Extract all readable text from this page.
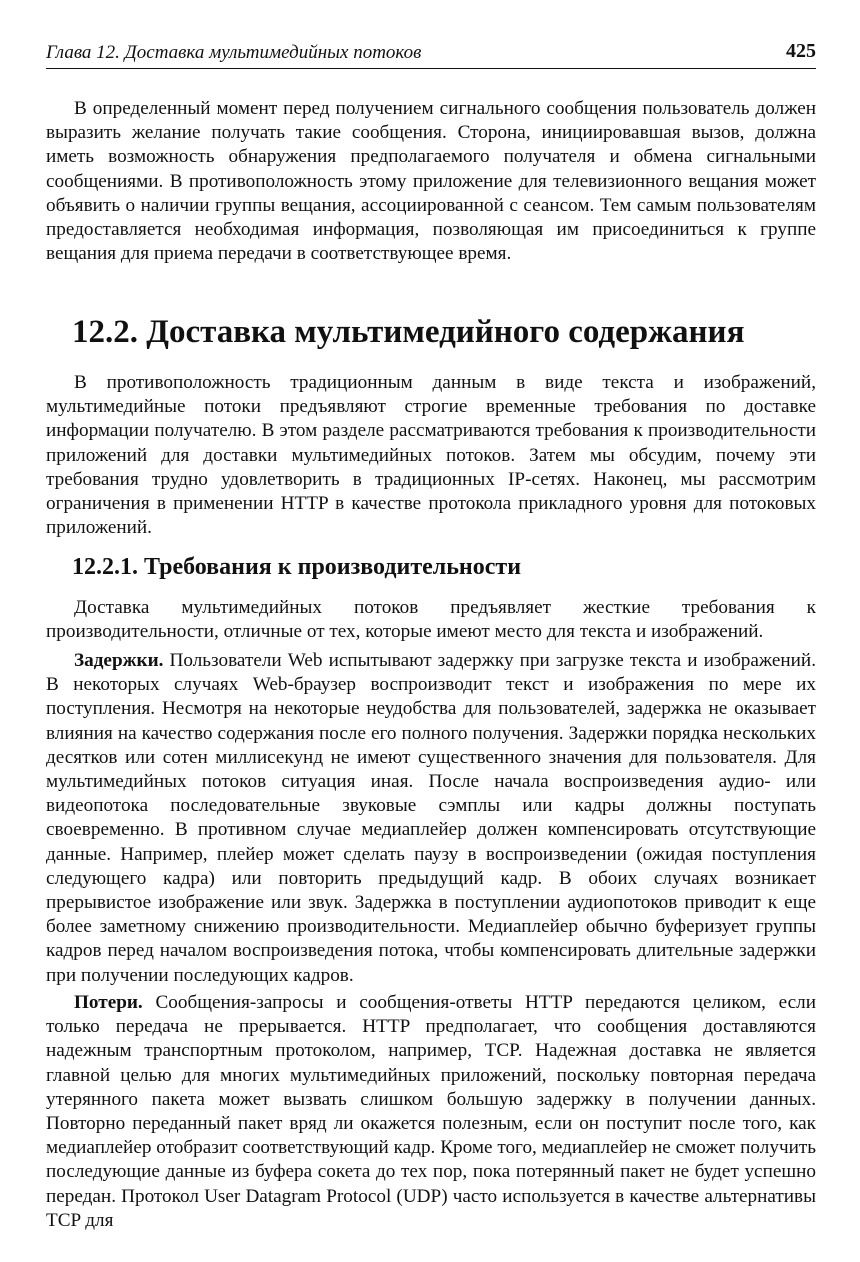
Глава 12. Доставка мультимедийных потоков	425

В определенный момент перед получением сигнального сообщения пользователь должен выразить желание получать такие сообщения. Сторона, инициировавшая вызов, должна иметь возможность обнаружения предполагаемого получателя и обмена сигнальными сообщениями. В противоположность этому приложение для телевизионного вещания может объявить о наличии группы вещания, ассоциированной с сеансом. Тем самым пользователям предоставляется необходимая информация, позволяющая им присоединиться к группе вещания для приема передачи в соответствующее время.

12.2. Доставка мультимедийного содержания

В противоположность традиционным данным в виде текста и изображений, мультимедийные потоки предъявляют строгие временные требования по доставке информации получателю. В этом разделе рассматриваются требования к производительности приложений для доставки мультимедийных потоков. Затем мы обсудим, почему эти требования трудно удовлетворить в традиционных IP-сетях. Наконец, мы рассмотрим ограничения в применении HTTP в качестве протокола прикладного уровня для потоковых приложений.

12.2.1. Требования к производительности

Доставка мультимедийных потоков предъявляет жесткие требования к производительности, отличные от тех, которые имеют место для текста и изображений.

Задержки. Пользователи Web испытывают задержку при загрузке текста и изображений. В некоторых случаях Web-браузер воспроизводит текст и изображения по мере их поступления. Несмотря на некоторые неудобства для пользователей, задержка не оказывает влияния на качество содержания после его полного получения. Задержки порядка нескольких десятков или сотен миллисекунд не имеют существенного значения для пользователя. Для мультимедийных потоков ситуация иная. После начала воспроизведения аудио- или видеопотока последовательные звуковые сэмплы или кадры должны поступать своевременно. В противном случае медиаплейер должен компенсировать отсутствующие данные. Например, плейер может сделать паузу в воспроизведении (ожидая поступления следующего кадра) или повторить предыдущий кадр. В обоих случаях возникает прерывистое изображение или звук. Задержка в поступлении аудиопотоков приводит к еще более заметному снижению производительности. Медиаплейер обычно буферизует группы кадров перед началом воспроизведения потока, чтобы компенсировать длительные задержки при получении последующих кадров.

Потери. Сообщения-запросы и сообщения-ответы HTTP передаются целиком, если только передача не прерывается. HTTP предполагает, что сообщения доставляются надежным транспортным протоколом, например, TCP. Надежная доставка не является главной целью для многих мультимедийных приложений, поскольку повторная передача утерянного пакета может вызвать слишком большую задержку в получении данных. Повторно переданный пакет вряд ли окажется полезным, если он поступит после того, как медиаплейер отобразит соответствующий кадр. Кроме того, медиаплейер не сможет получить последующие данные из буфера сокета до тех пор, пока потерянный пакет не будет успешно передан. Протокол User Datagram Protocol (UDP) часто используется в качестве альтернативы TCP для
